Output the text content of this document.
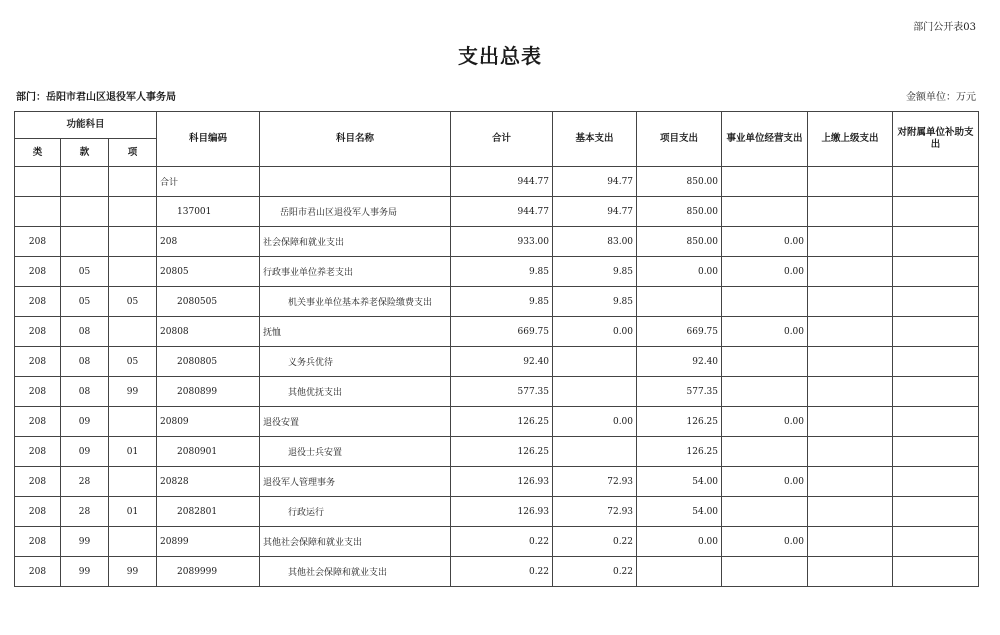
部门公开表03
支出总表
部门：岳阳市君山区退役军人事务局	金额单位：万元
功能科目			科目编码	科目名称	合计	基本支出	项目支出	事业单位经营支出	上缴上级支出	对附属单位补助支出
类	款	项								
			合计		944.77	94.77	850.00			
			137001	岳阳市君山区退役军人事务局	944.77	94.77	850.00			
208			208	社会保障和就业支出	933.00	83.00	850.00	0.00		
208	05		20805	行政事业单位养老支出	9.85	9.85	0.00	0.00		
208	05	05	2080505	机关事业单位基本养老保险缴费支出	9.85	9.85				
208	08		20808	抚恤	669.75	0.00	669.75	0.00		
208	08	05	2080805	义务兵优待	92.40		92.40			
208	08	99	2080899	其他优抚支出	577.35		577.35			
208	09		20809	退役安置	126.25	0.00	126.25	0.00		
208	09	01	2080901	退役士兵安置	126.25		126.25			
208	28		20828	退役军人管理事务	126.93	72.93	54.00	0.00		
208	28	01	2082801	行政运行	126.93	72.93	54.00			
208	99		20899	其他社会保障和就业支出	0.22	0.22	0.00	0.00		
208	99	99	2089999	其他社会保障和就业支出	0.22	0.22				
